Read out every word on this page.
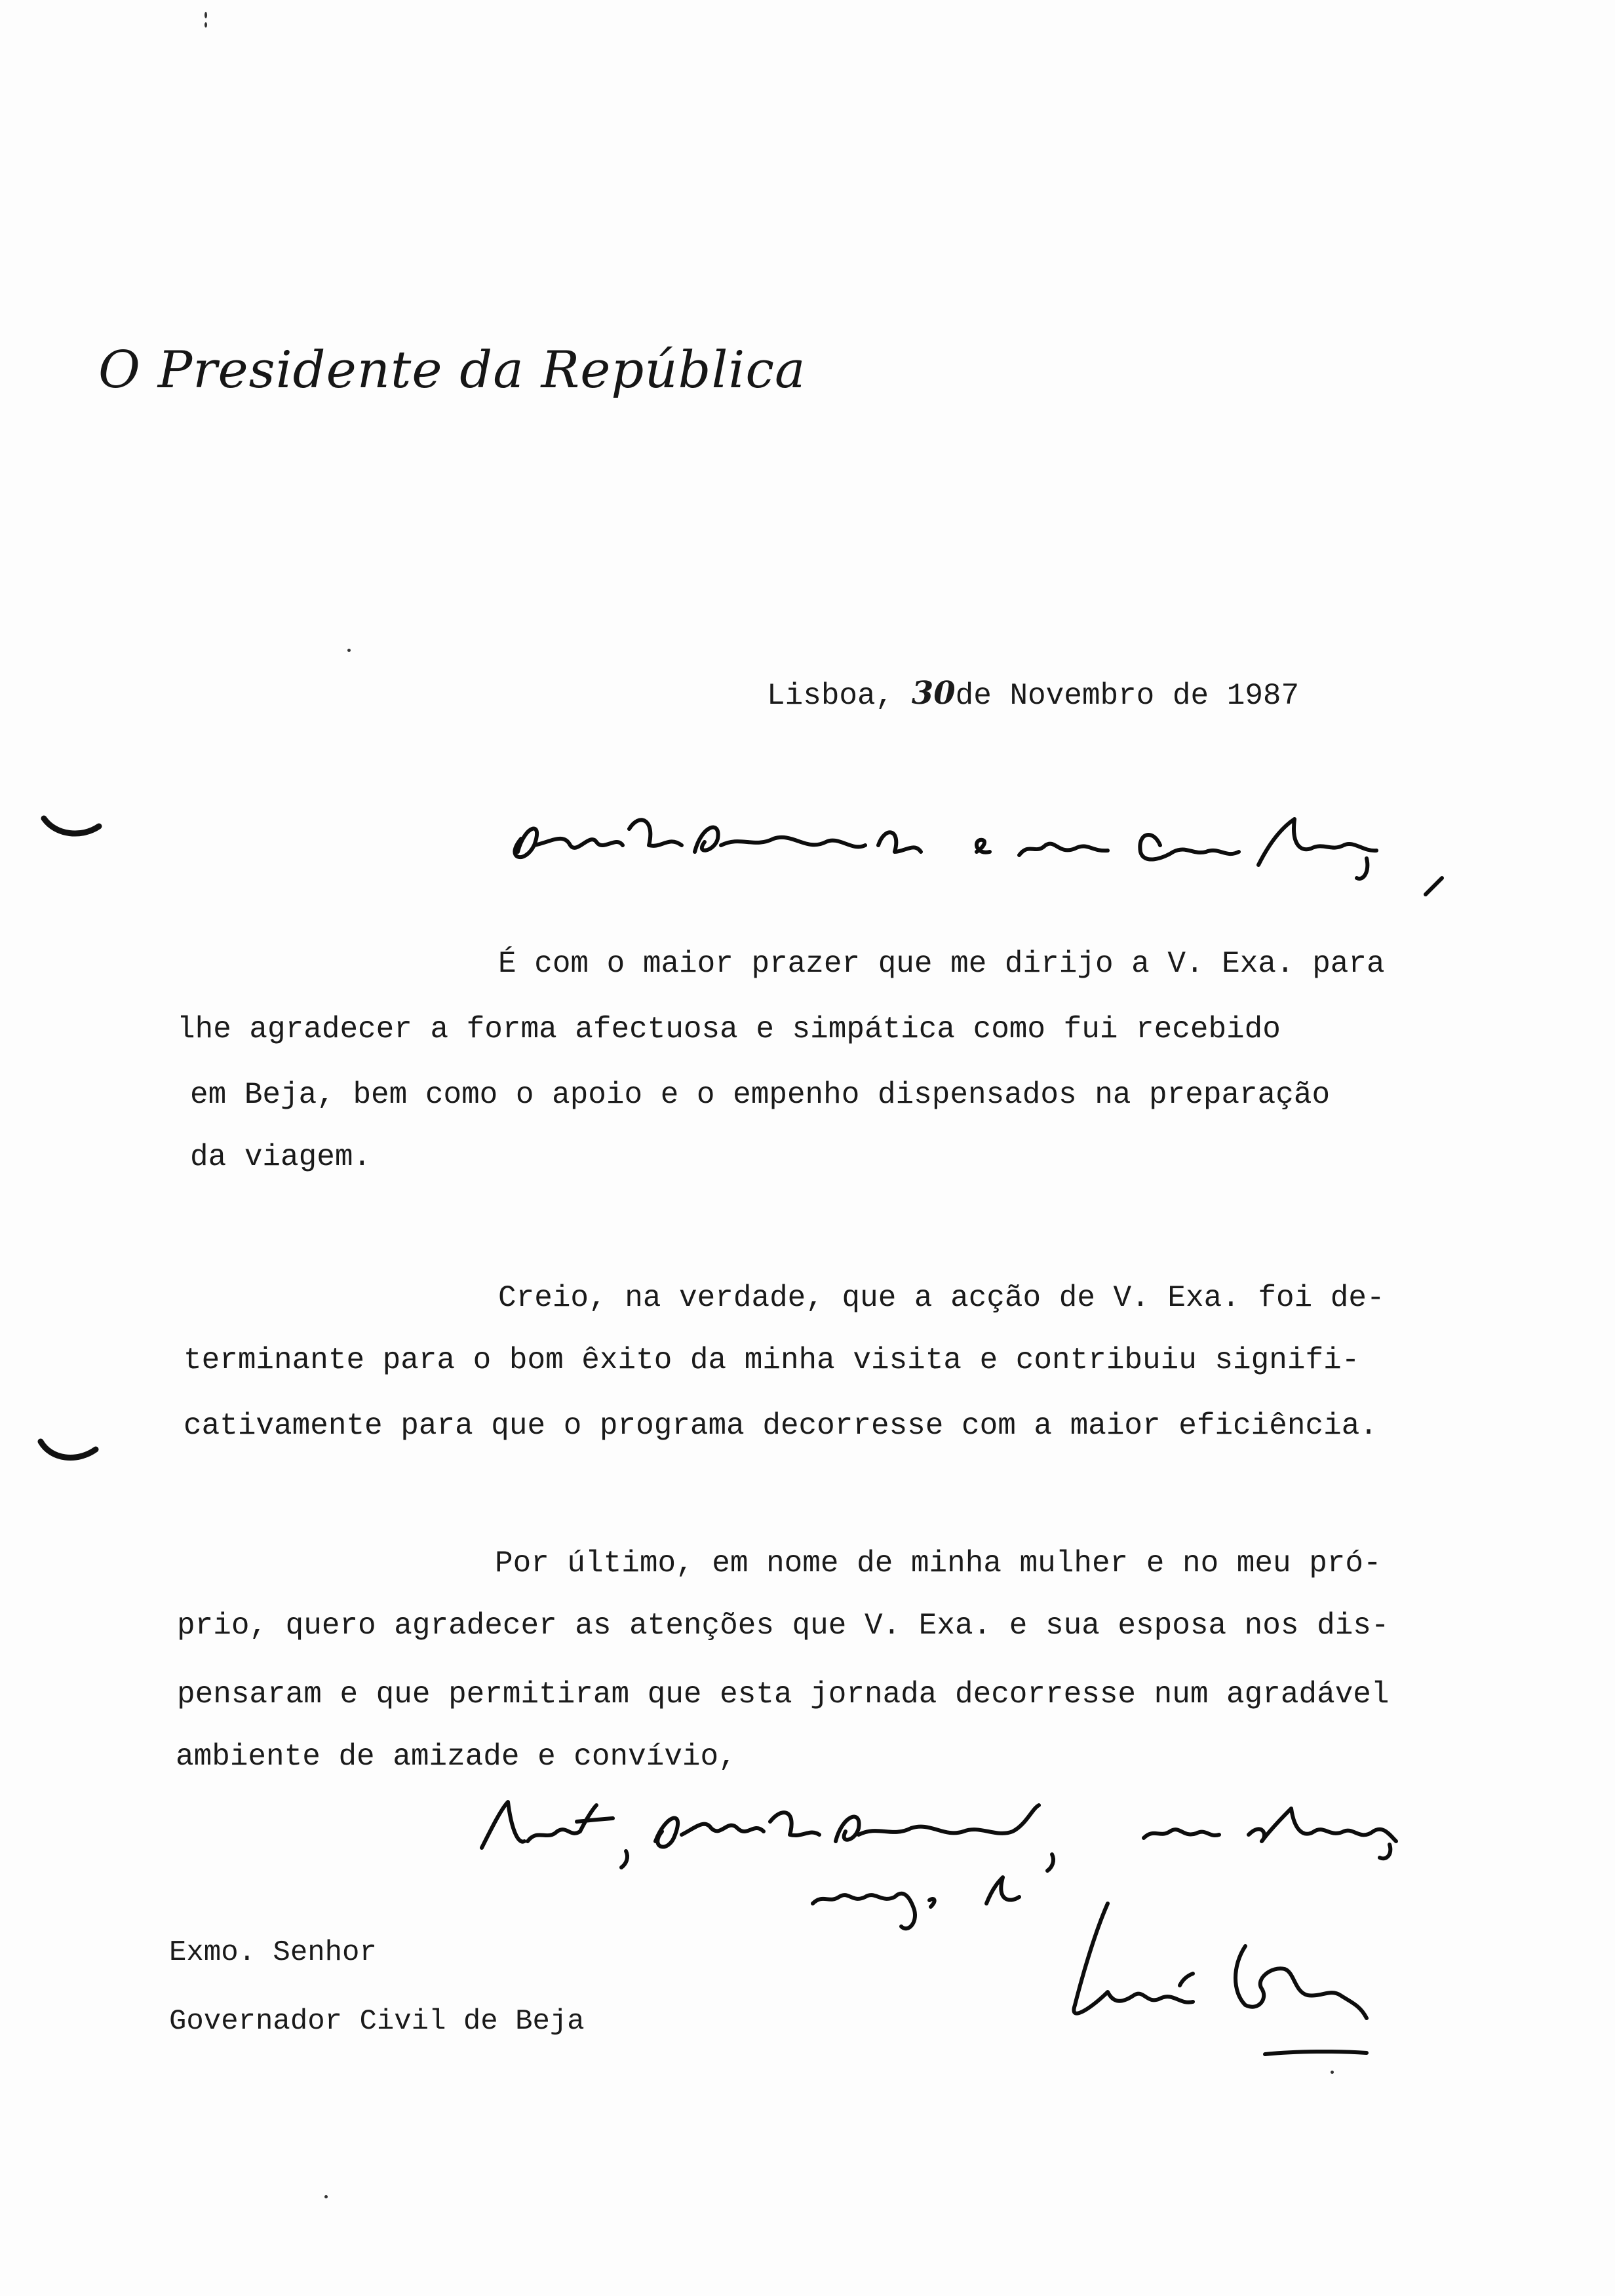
O Presidente da República
Lisboa, 30de Novembro de 1987
É com o maior prazer que me dirijo a V. Exa. para
lhe agradecer a forma afectuosa e simpática como fui recebido
em Beja, bem como o apoio e o empenho dispensados na preparação
da viagem.
Creio, na verdade, que a acção de V. Exa. foi de-
terminante para o bom êxito da minha visita e contribuiu signifi-
cativamente para que o programa decorresse com a maior eficiência.
Por último, em nome de minha mulher e no meu pró-
prio, quero agradecer as atenções que V. Exa. e sua esposa nos dis-
pensaram e que permitiram que esta jornada decorresse num agradável
ambiente de amizade e convívio,
Exmo. Senhor
Governador Civil de Beja
